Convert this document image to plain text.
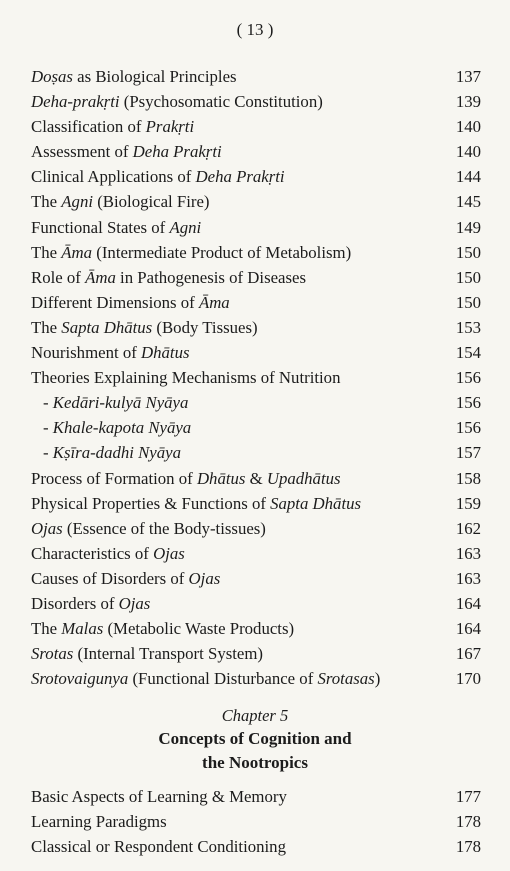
( 13 )
Doṣas as Biological Principles	137
Deha-prakṛti (Psychosomatic Constitution)	139
Classification of Prakṛti	140
Assessment of Deha Prakṛti	140
Clinical Applications of Deha Prakṛti	144
The Agni (Biological Fire)	145
Functional States of Agni	149
The Āma (Intermediate Product of Metabolism)	150
Role of Āma in Pathogenesis of Diseases	150
Different Dimensions of Āma	150
The Sapta Dhātus (Body Tissues)	153
Nourishment of Dhātus	154
Theories Explaining Mechanisms of Nutrition	156
- Kedāri-kulyā Nyāya	156
- Khale-kapota Nyāya	156
- Kṣīra-dadhi Nyāya	157
Process of Formation of Dhātus & Upadhātus	158
Physical Properties & Functions of Sapta Dhātus	159
Ojas (Essence of the Body-tissues)	162
Characteristics of Ojas	163
Causes of Disorders of Ojas	163
Disorders of Ojas	164
The Malas (Metabolic Waste Products)	164
Srotas (Internal Transport System)	167
Srotovaigunya (Functional Disturbance of Srotasas)	170
Chapter 5
Concepts of Cognition and
the Nootropics
Basic Aspects of Learning & Memory	177
Learning Paradigms	178
Classical or Respondent Conditioning	178
